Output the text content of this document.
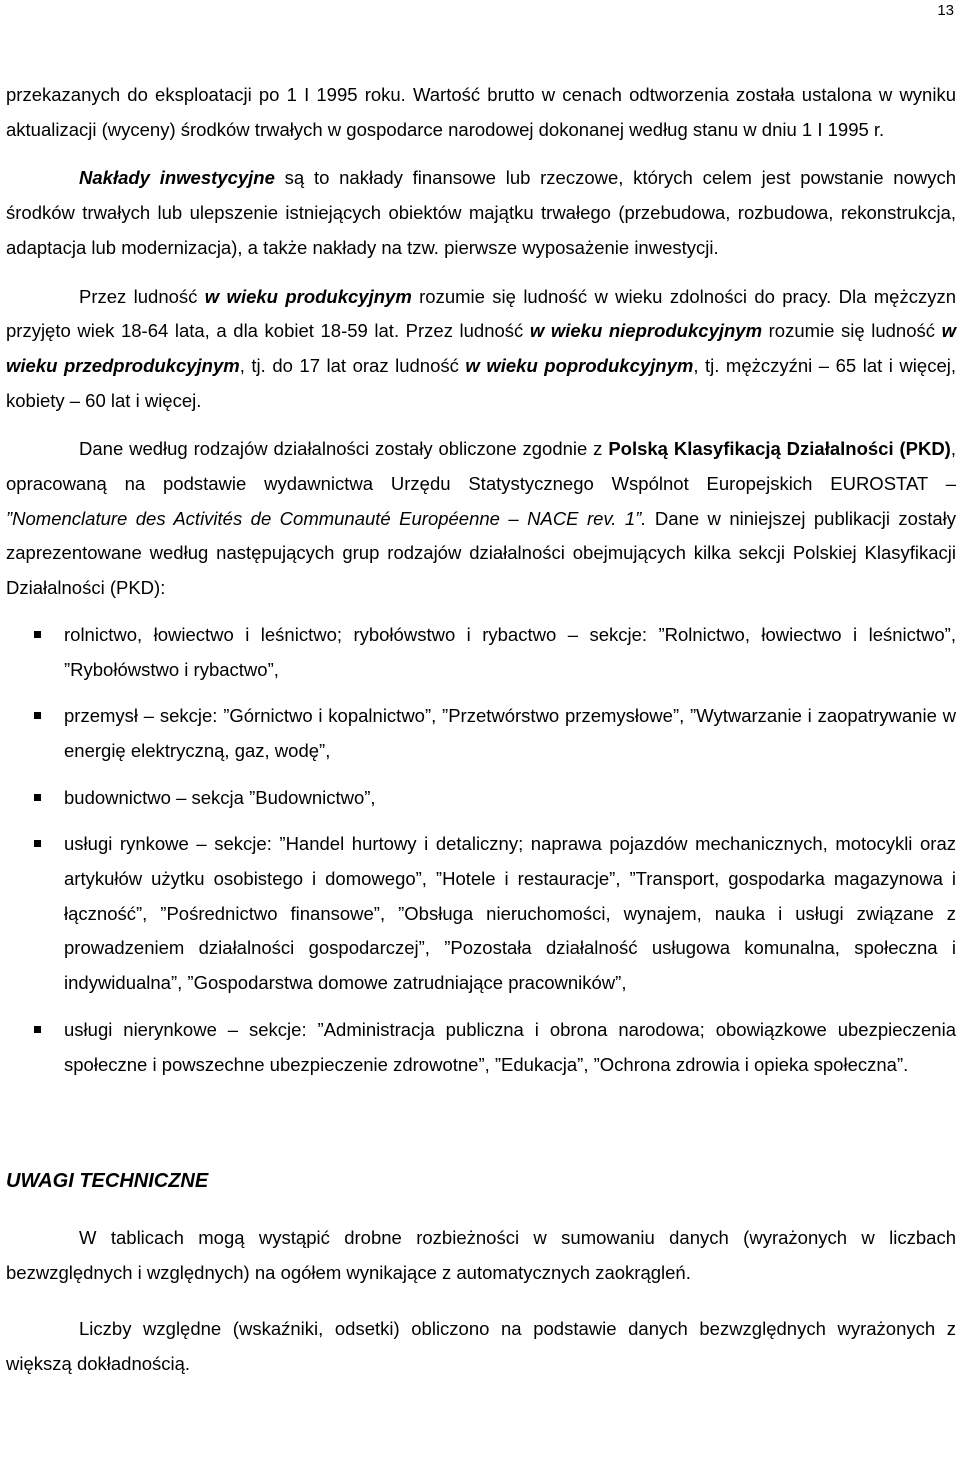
13

przekazanych do eksploatacji po 1 I 1995 roku. Wartość brutto w cenach odtworzenia została ustalona w wyniku aktualizacji (wyceny) środków trwałych w gospodarce narodowej dokonanej według stanu w dniu 1 I 1995 r.

Nakłady inwestycyjne są to nakłady finansowe lub rzeczowe, których celem jest powstanie nowych środków trwałych lub ulepszenie istniejących obiektów majątku trwałego (przebudowa, rozbudowa, rekonstrukcja, adaptacja lub modernizacja), a także nakłady na tzw. pierwsze wyposażenie inwestycji.

Przez ludność w wieku produkcyjnym rozumie się ludność w wieku zdolności do pracy. Dla mężczyzn przyjęto wiek 18-64 lata, a dla kobiet 18-59 lat. Przez ludność w wieku nieprodukcyjnym rozumie się ludność w wieku przedprodukcyjnym, tj. do 17 lat oraz ludność w wieku poprodukcyjnym, tj. mężczyźni – 65 lat i więcej, kobiety – 60 lat i więcej.

Dane według rodzajów działalności zostały obliczone zgodnie z Polską Klasyfikacją Działalności (PKD), opracowaną na podstawie wydawnictwa Urzędu Statystycznego Wspólnot Europejskich EUROSTAT – ”Nomenclature des Activités de Communauté Européenne – NACE rev. 1”. Dane w niniejszej publikacji zostały zaprezentowane według następujących grup rodzajów działalności obejmujących kilka sekcji Polskiej Klasyfikacji Działalności (PKD):

rolnictwo, łowiectwo i leśnictwo; rybołówstwo i rybactwo – sekcje: ”Rolnictwo, łowiectwo i leśnictwo”, ”Rybołówstwo i rybactwo”,
przemysł – sekcje: ”Górnictwo i kopalnictwo”, ”Przetwórstwo przemysłowe”, ”Wytwarzanie i zaopatrywanie w energię elektryczną, gaz, wodę”,
budownictwo – sekcja ”Budownictwo”,
usługi rynkowe – sekcje: ”Handel hurtowy i detaliczny; naprawa pojazdów mechanicznych, motocykli oraz artykułów użytku osobistego i domowego”, ”Hotele i restauracje”, ”Transport, gospodarka magazynowa i łączność”, ”Pośrednictwo finansowe”, ”Obsługa nieruchomości, wynajem, nauka i usługi związane z prowadzeniem działalności gospodarczej”, ”Pozostała działalność usługowa komunalna, społeczna i indywidualna”, ”Gospodarstwa domowe zatrudniające pracowników”,
usługi nierynkowe – sekcje: ”Administracja publiczna i obrona narodowa; obowiązkowe ubezpieczenia społeczne i powszechne ubezpieczenie zdrowotne”, ”Edukacja”, ”Ochrona zdrowia i opieka społeczna”.
UWAGI TECHNICZNE

W tablicach mogą wystąpić drobne rozbieżności w sumowaniu danych (wyrażonych w liczbach bezwzględnych i względnych) na ogółem wynikające z automatycznych zaokrągleń.

Liczby względne (wskaźniki, odsetki) obliczono na podstawie danych bezwzględnych wyrażonych z większą dokładnością.
